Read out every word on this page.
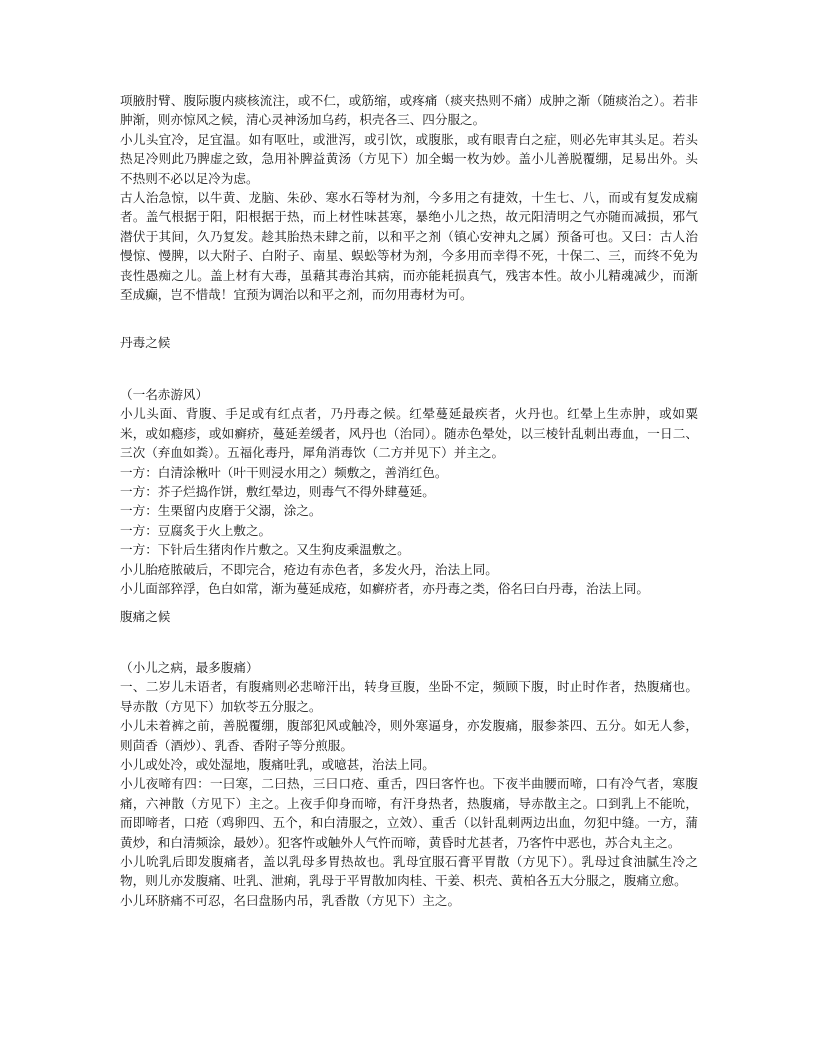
项腋肘臂、腹际腹内痰核流注，或不仁，或筋缩，或疼痛（痰夹热则不痛）成肿之渐（随痰治之）。若非肿渐，则亦惊风之候，清心灵神汤加乌药，枳壳各三、四分服之。

小儿头宜冷，足宜温。如有呕吐，或泄泻，或引饮，或腹胀，或有眼青白之症，则必先审其头足。若头热足冷则此乃脾虚之致，急用补脾益黄汤（方见下）加全蝎一枚为妙。盖小儿善脱覆绷，足易出外。头不热则不必以足冷为虑。

古人治急惊，以牛黄、龙脑、朱砂、寒水石等材为剂，今多用之有捷效，十生七、八，而或有复发成痫者。盖气根据于阳，阳根据于热，而上材性味甚寒，暴绝小儿之热，故元阳清明之气亦随而减损，邪气潜伏于其间，久乃复发。趁其胎热未肆之前，以和平之剂（镇心安神丸之属）预备可也。又曰：古人治慢惊、慢脾，以大附子、白附子、南星、蜈蚣等材为剂，今多用而幸得不死，十保二、三，而终不免为丧性愚痴之儿。盖上材有大毒，虽藉其毒治其病，而亦能耗损真气，残害本性。故小儿精魂减少，而渐至成癫，岂不惜哉！宜预为调治以和平之剂，而勿用毒材为可。

丹毒之候

（一名赤游风）

小儿头面、背腹、手足或有红点者，乃丹毒之候。红晕蔓延最疾者，火丹也。红晕上生赤肿，或如粟米，或如瘾疹，或如癣疥，蔓延差缓者，风丹也（治同）。随赤色晕处，以三棱针乱刺出毒血，一日二、三次（弃血如粪）。五福化毒丹，犀角消毒饮（二方并见下）并主之。

一方：白清涂楸叶（叶干则浸水用之）频敷之，善消红色。

一方：芥子烂捣作饼，敷红晕边，则毒气不得外肆蔓延。

一方：生栗留内皮磨于父溺，涂之。

一方：豆腐炙于火上敷之。

一方：下针后生猪肉作片敷之。又生狗皮乘温敷之。

小儿胎疮脓破后，不即完合，疮边有赤色者，多发火丹，治法上同。

小儿面部猝浮，色白如常，渐为蔓延成疮，如癣疥者，亦丹毒之类，俗名曰白丹毒，治法上同。

腹痛之候

（小儿之病，最多腹痛）

一、二岁儿未语者，有腹痛则必悲啼汗出，转身亘腹，坐卧不定，频顾下腹，时止时作者，热腹痛也。导赤散（方见下）加软苓五分服之。

小儿未着裤之前，善脱覆绷，腹部犯风或触冷，则外寒逼身，亦发腹痛，服参茶四、五分。如无人参，则茴香（酒炒）、乳香、香附子等分煎服。

小儿或处冷，或处湿地，腹痛吐乳，或噫甚，治法上同。

小儿夜啼有四：一曰寒，二曰热，三曰口疮、重舌，四曰客忤也。下夜半曲腰而啼，口有冷气者，寒腹痛，六神散（方见下）主之。上夜手仰身而啼，有汗身热者，热腹痛，导赤散主之。口到乳上不能吮，而即啼者，口疮（鸡卵四、五个，和白清服之，立效）、重舌（以针乱刺两边出血，勿犯中缝。一方，蒲黄炒，和白清频涂，最妙）。犯客忤或触外人气忤而啼，黄昏时尤甚者，乃客忤中恶也，苏合丸主之。

小儿吮乳后即发腹痛者，盖以乳母多胃热故也。乳母宜服石膏平胃散（方见下）。乳母过食油腻生冷之物，则儿亦发腹痛、吐乳、泄痢，乳母于平胃散加肉桂、干姜、枳壳、黄柏各五大分服之，腹痛立愈。

小儿环脐痛不可忍，名曰盘肠内吊，乳香散（方见下）主之。
